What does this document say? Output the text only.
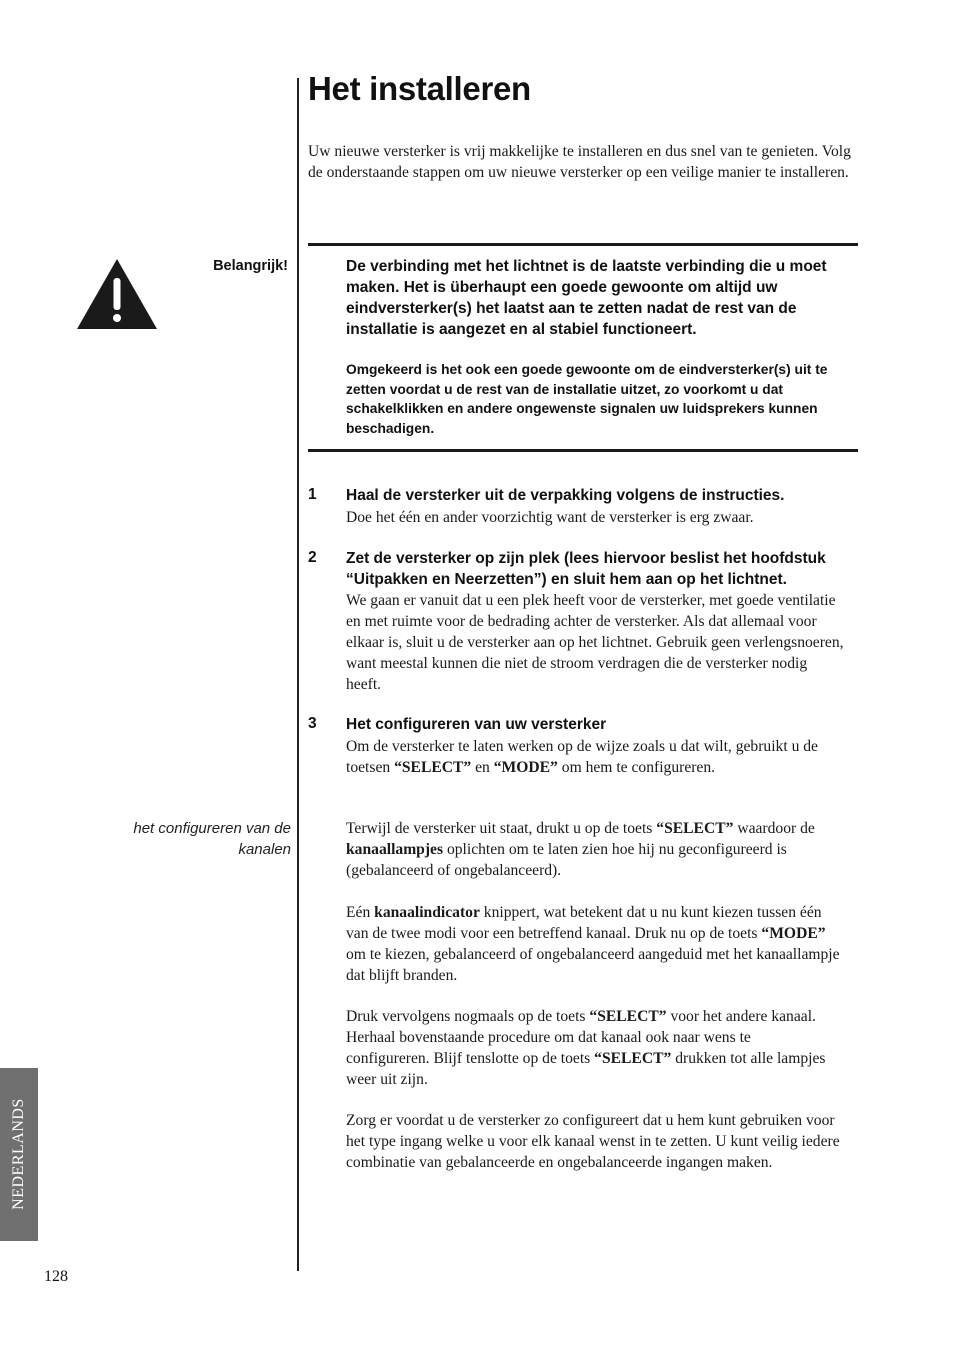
Het installeren

Uw nieuwe versterker is vrij makkelijke te installeren en dus snel van te genieten. Volg de onderstaande stappen om uw nieuwe versterker op een veilige manier te installeren.

Belangrijk!	De verbinding met het lichtnet is de laatste verbinding die u moet maken. Het is überhaupt een goede gewoonte om altijd uw eindversterker(s) het laatst aan te zetten nadat de rest van de installatie is aangezet en al stabiel functioneert.

Omgekeerd is het ook een goede gewoonte om de eindversterker(s) uit te zetten voordat u de rest van de installatie uitzet, zo voorkomt u dat schakelklikken en andere ongewenste signalen uw luidsprekers kunnen beschadigen.

1 Haal de versterker uit de verpakking volgens de instructies.

Doe het één en ander voorzichtig want de versterker is erg zwaar.

2 Zet de versterker op zijn plek (lees hiervoor beslist het hoofdstuk “Uitpakken en Neerzetten”) en sluit hem aan op het lichtnet.

We gaan er vanuit dat u een plek heeft voor de versterker, met goede ventilatie en met ruimte voor de bedrading achter de versterker. Als dat allemaal voor elkaar is, sluit u de versterker aan op het lichtnet. Gebruik geen verlengsnoeren, want meestal kunnen die niet de stroom verdragen die de versterker nodig heeft.

3 Het configureren van uw versterker

Om de versterker te laten werken op de wijze zoals u dat wilt, gebruikt u de toetsen “SELECT” en “MODE” om hem te configureren.

het configureren van de kanalen

Terwijl de versterker uit staat, drukt u op de toets “SELECT” waardoor de kanaallampjes oplichten om te laten zien hoe hij nu geconfigureerd is (gebalanceerd of ongebalanceerd).

Eén kanaalindicator knippert, wat betekent dat u nu kunt kiezen tussen één van de twee modi voor een betreffend kanaal. Druk nu op de toets “MODE” om te kiezen, gebalanceerd of ongebalanceerd aangeduid met het kanaallampje dat blijft branden.

Druk vervolgens nogmaals op de toets “SELECT” voor het andere kanaal. Herhaal bovenstaande procedure om dat kanaal ook naar wens te configureren. Blijf tenslotte op de toets “SELECT” drukken tot alle lampjes weer uit zijn.

Zorg er voordat u de versterker zo configureert dat u hem kunt gebruiken voor het type ingang welke u voor elk kanaal wenst in te zetten. U kunt veilig iedere combinatie van gebalanceerde en ongebalanceerde ingangen maken.

NEDERLANDS
128
